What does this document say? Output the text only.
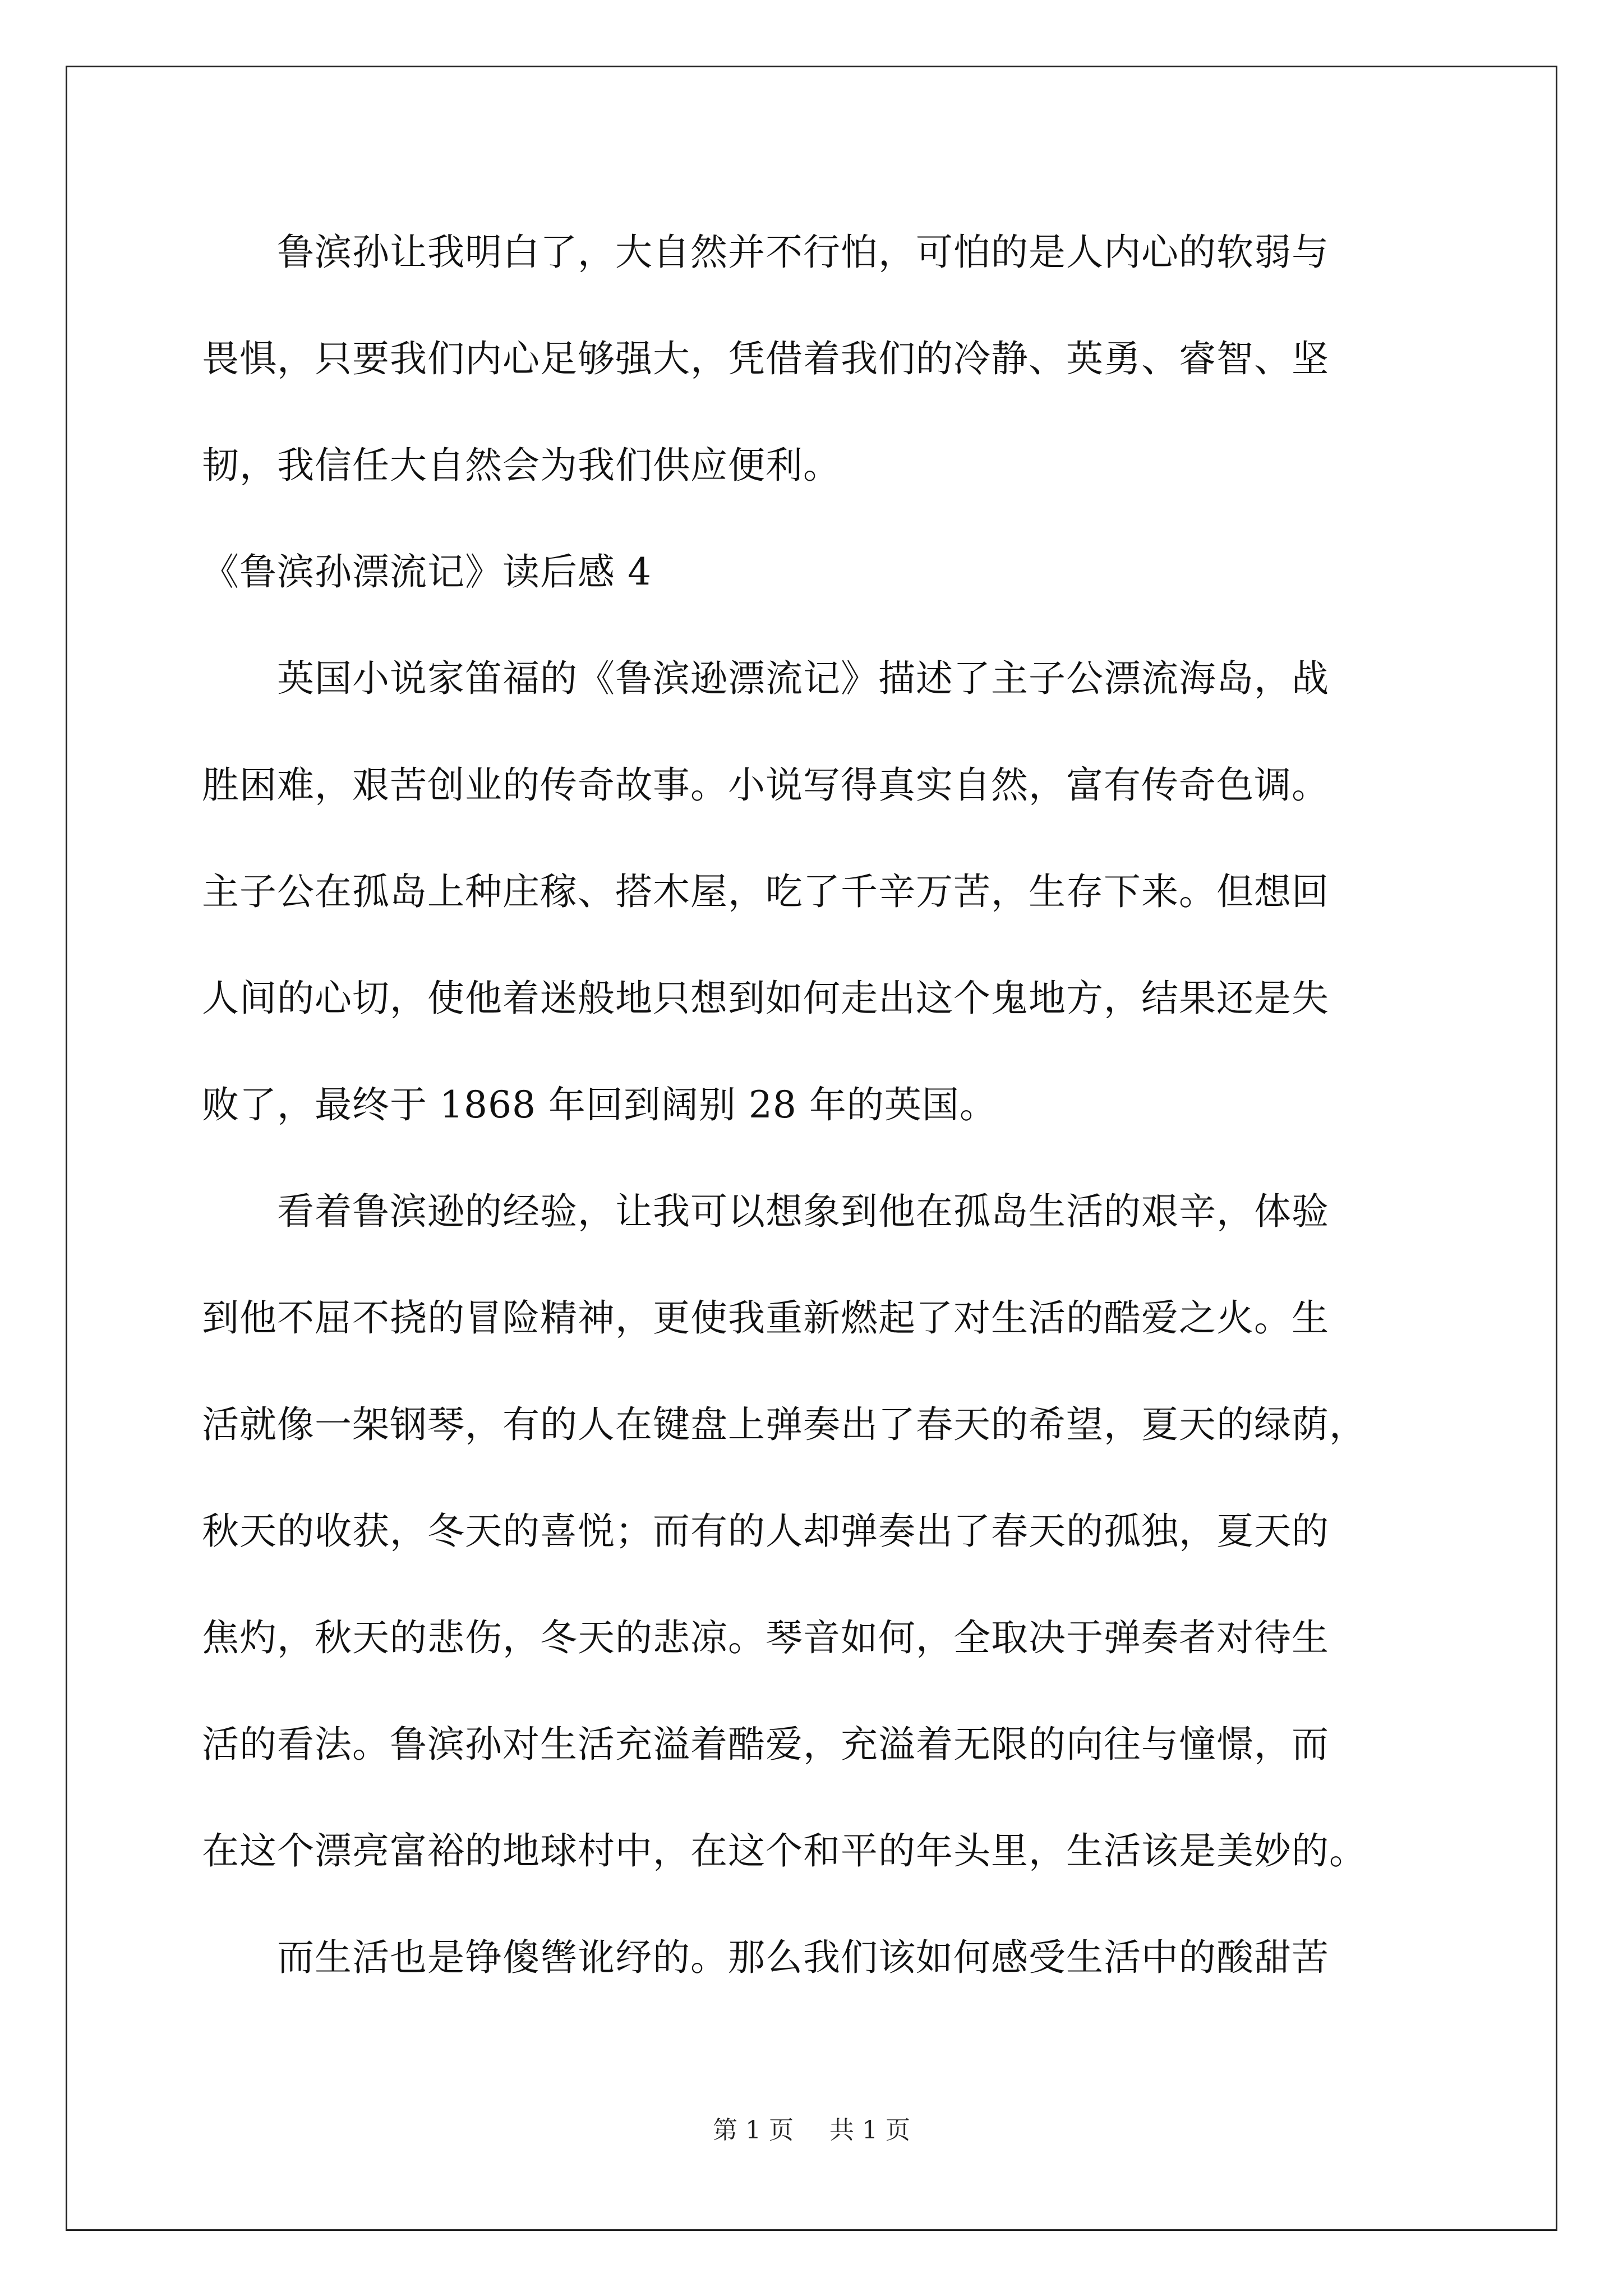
　　鲁滨孙让我明白了，大自然并不行怕，可怕的是人内心的软弱与
畏惧，只要我们内心足够强大，凭借着我们的冷静、英勇、睿智、坚
韧，我信任大自然会为我们供应便利。
《鲁滨孙漂流记》读后感 4
　　英国小说家笛福的《鲁滨逊漂流记》描述了主子公漂流海岛，战
胜困难，艰苦创业的传奇故事。小说写得真实自然，富有传奇色调。
主子公在孤岛上种庄稼、搭木屋，吃了千辛万苦，生存下来。但想回
人间的心切，使他着迷般地只想到如何走出这个鬼地方，结果还是失
败了，最终于 1868 年回到阔别 28 年的英国。
　　看着鲁滨逊的经验，让我可以想象到他在孤岛生活的艰辛，体验
到他不屈不挠的冒险精神，更使我重新燃起了对生活的酷爱之火。生
活就像一架钢琴，有的人在键盘上弹奏出了春天的希望，夏天的绿荫，
秋天的收获，冬天的喜悦；而有的人却弹奏出了春天的孤独，夏天的
焦灼，秋天的悲伤，冬天的悲凉。琴音如何，全取决于弹奏者对待生
活的看法。鲁滨孙对生活充溢着酷爱，充溢着无限的向往与憧憬，而
在这个漂亮富裕的地球村中，在这个和平的年头里，生活该是美妙的。
　　而生活也是铮傻辔讹纾的。那么我们该如何感受生活中的酸甜苦
第 1 页 共 1 页
